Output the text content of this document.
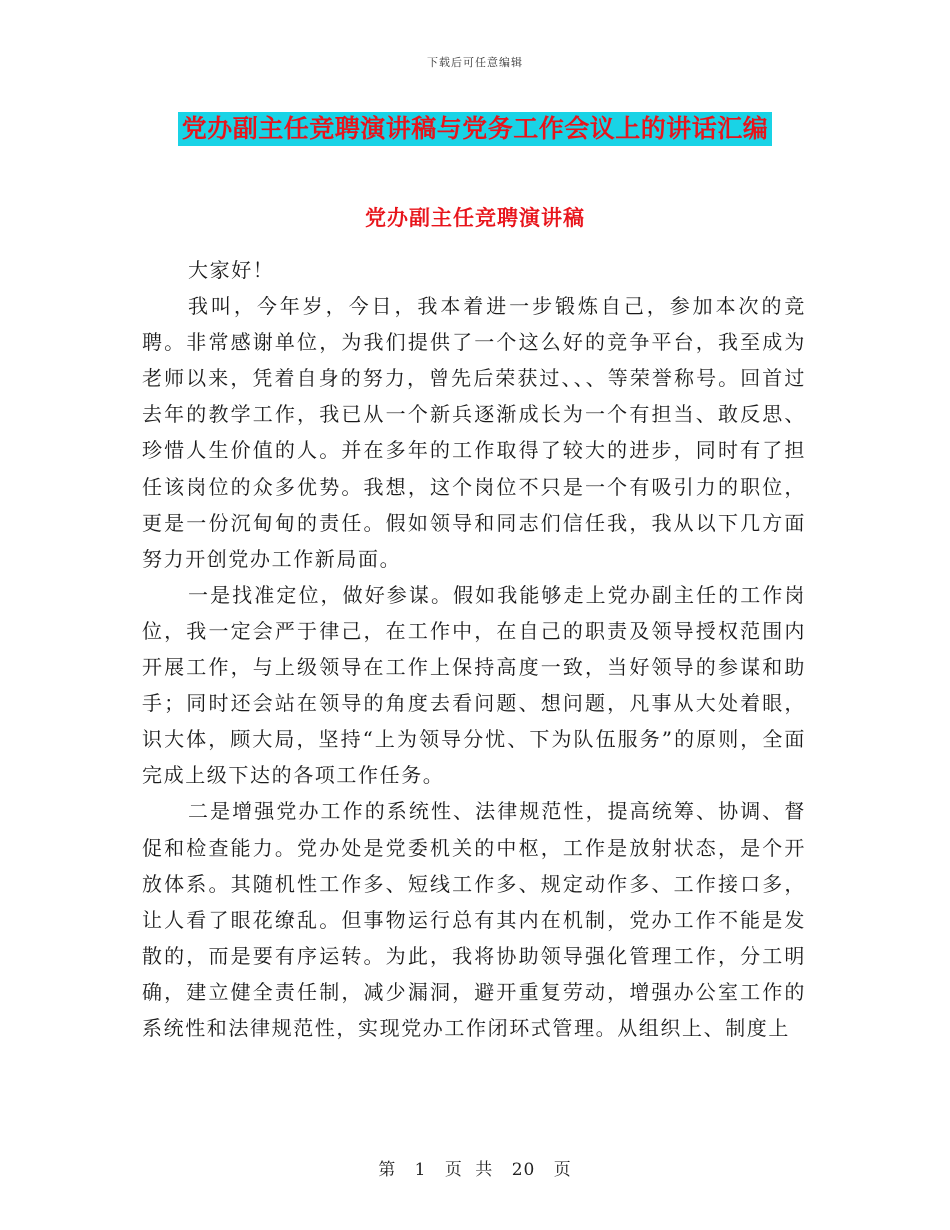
下载后可任意编辑
党办副主任竞聘演讲稿与党务工作会议上的讲话汇编
党办副主任竞聘演讲稿

大家好！

我叫，今年岁，今日，我本着进一步锻炼自己，参加本次的竞聘。非常感谢单位，为我们提供了一个这么好的竞争平台，我至成为老师以来，凭着自身的努力，曾先后荣获过、、、等荣誉称号。回首过去年的教学工作，我已从一个新兵逐渐成长为一个有担当、敢反思、珍惜人生价值的人。并在多年的工作取得了较大的进步，同时有了担任该岗位的众多优势。我想，这个岗位不只是一个有吸引力的职位，更是一份沉甸甸的责任。假如领导和同志们信任我，我从以下几方面努力开创党办工作新局面。

一是找准定位，做好参谋。假如我能够走上党办副主任的工作岗位，我一定会严于律己，在工作中，在自己的职责及领导授权范围内开展工作，与上级领导在工作上保持高度一致，当好领导的参谋和助手；同时还会站在领导的角度去看问题、想问题，凡事从大处着眼，识大体，顾大局，坚持“上为领导分忧、下为队伍服务”的原则，全面完成上级下达的各项工作任务。

二是增强党办工作的系统性、法律规范性，提高统筹、协调、督促和检查能力。党办处是党委机关的中枢，工作是放射状态，是个开放体系。其随机性工作多、短线工作多、规定动作多、工作接口多，让人看了眼花缭乱。但事物运行总有其内在机制，党办工作不能是发散的，而是要有序运转。为此，我将协助领导强化管理工作，分工明确，建立健全责任制，减少漏洞，避开重复劳动，增强办公室工作的系统性和法律规范性，实现党办工作闭环式管理。从组织上、制度上

第 1 页 共 20 页
